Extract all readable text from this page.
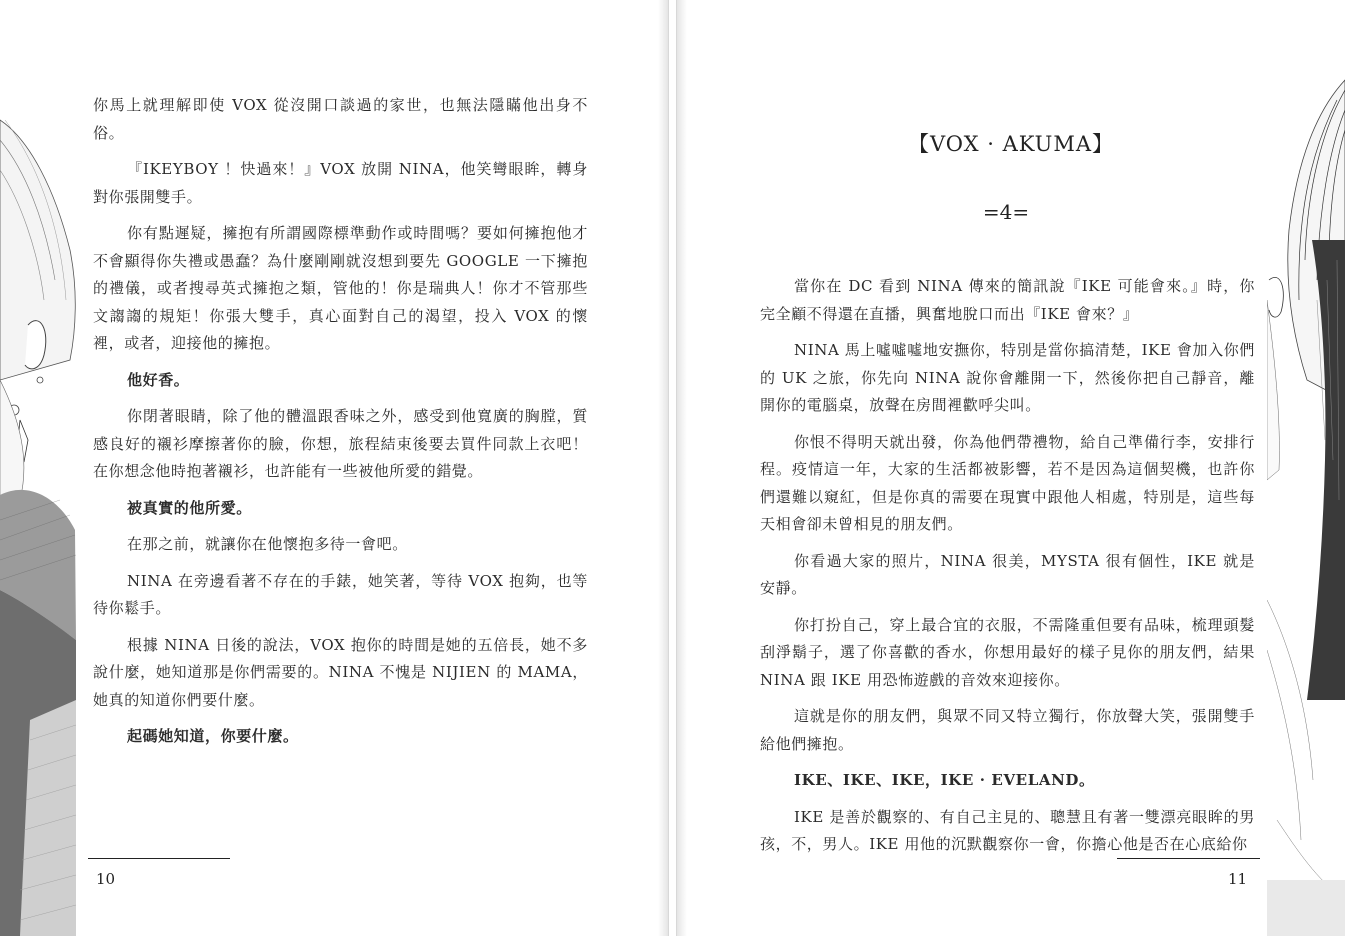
你馬上就理解即使 VOX 從沒開口談過的家世，也無法隱瞞他出身不俗。

『IKEYBOY ！快過來！』VOX 放開 NINA，他笑彎眼眸，轉身對你張開雙手。

你有點遲疑，擁抱有所謂國際標準動作或時間嗎？要如何擁抱他才不會顯得你失禮或愚蠢？為什麼剛剛就沒想到要先 GOOGLE 一下擁抱的禮儀，或者搜尋英式擁抱之類，管他的！你是瑞典人！你才不管那些文謅謅的規矩！你張大雙手，真心面對自己的渴望，投入 VOX 的懷裡，或者，迎接他的擁抱。

他好香。

你閉著眼睛，除了他的體溫跟香味之外，感受到他寬廣的胸膛，質感良好的襯衫摩擦著你的臉，你想，旅程結束後要去買件同款上衣吧！在你想念他時抱著襯衫，也許能有一些被他所愛的錯覺。

被真實的他所愛。

在那之前，就讓你在他懷抱多待一會吧。

NINA 在旁邊看著不存在的手錶，她笑著，等待 VOX 抱夠，也等待你鬆手。

根據 NINA 日後的說法，VOX 抱你的時間是她的五倍長，她不多說什麼，她知道那是你們需要的。NINA 不愧是 NIJIEN 的 MAMA，她真的知道你們要什麼。

起碼她知道，你要什麼。

10
【VOX · AKUMA】
=4=

當你在 DC 看到 NINA 傳來的簡訊說『IKE 可能會來。』時，你完全顧不得還在直播，興奮地脫口而出『IKE 會來？』

NINA 馬上噓噓噓地安撫你，特別是當你搞清楚，IKE 會加入你們的 UK 之旅，你先向 NINA 說你會離開一下，然後你把自己靜音，離開你的電腦桌，放聲在房間裡歡呼尖叫。

你恨不得明天就出發，你為他們帶禮物，給自己準備行李，安排行程。疫情這一年，大家的生活都被影響，若不是因為這個契機，也許你們還難以窺紅，但是你真的需要在現實中跟他人相處，特別是，這些每天相會卻未曾相見的朋友們。

你看過大家的照片，NINA 很美，MYSTA 很有個性，IKE 就是安靜。

你打扮自己，穿上最合宜的衣服，不需隆重但要有品味，梳理頭髮刮淨鬍子，選了你喜歡的香水，你想用最好的樣子見你的朋友們，結果 NINA 跟 IKE 用恐怖遊戲的音效來迎接你。

這就是你的朋友們，與眾不同又特立獨行，你放聲大笑，張開雙手給他們擁抱。

IKE、IKE、IKE，IKE · EVELAND。

IKE 是善於觀察的、有自己主見的、聰慧且有著一雙漂亮眼眸的男孩，不，男人。IKE 用他的沉默觀察你一會，你擔心他是否在心底給你

11
